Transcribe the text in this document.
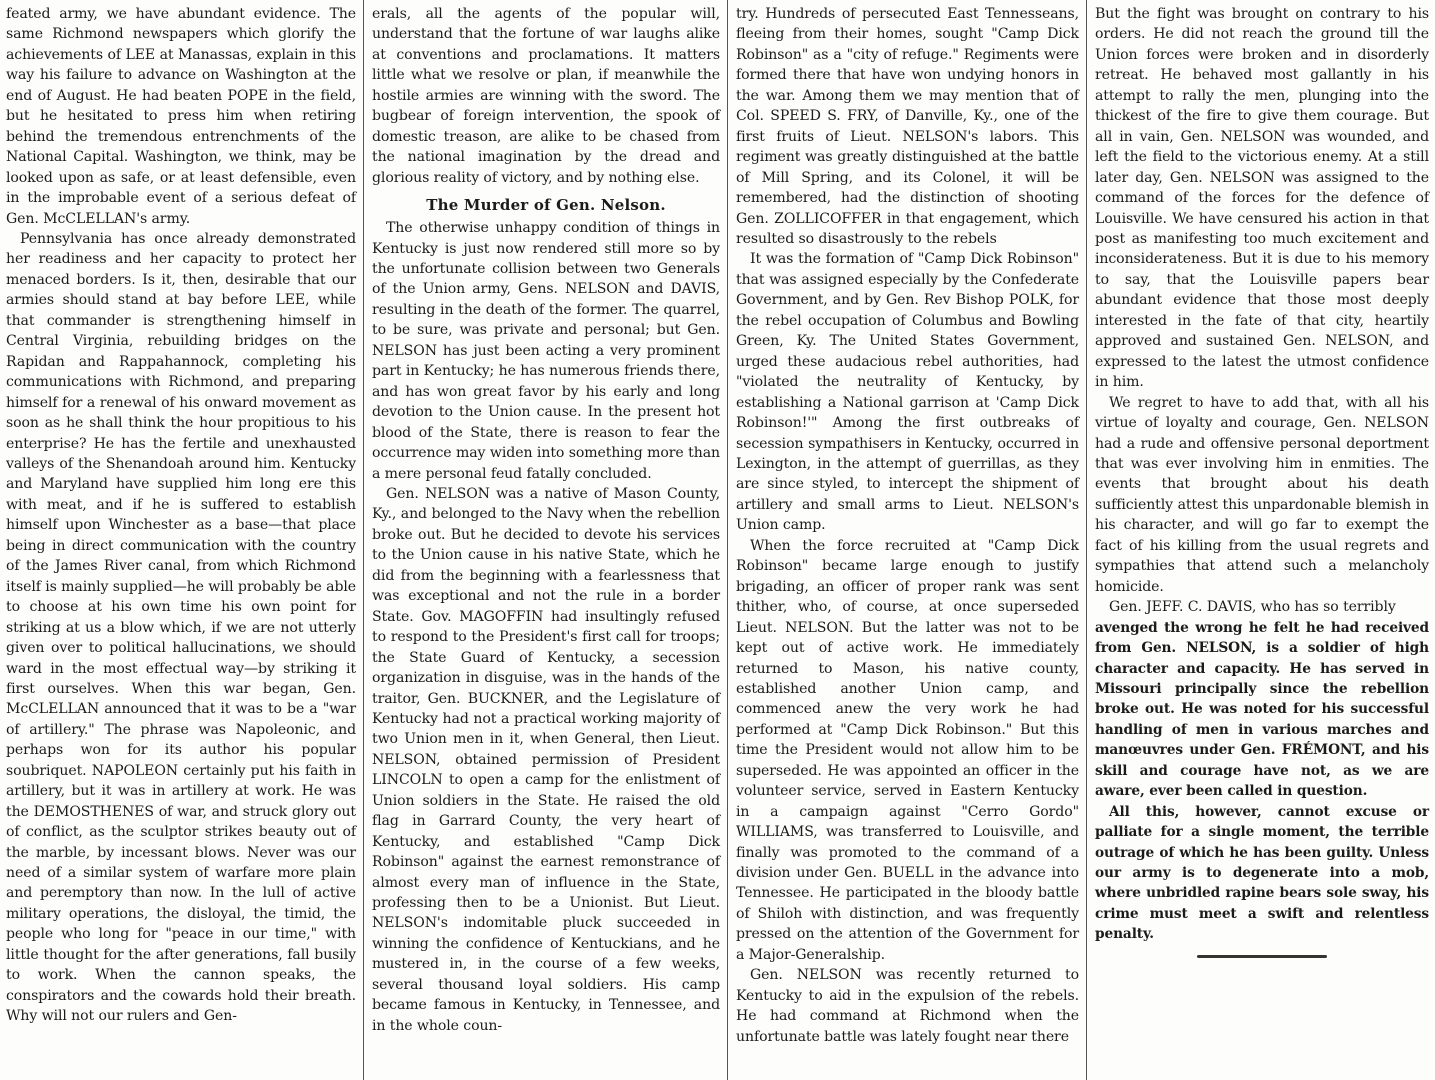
feated army, we have abundant evidence. The same Richmond newspapers which glorify the achievements of LEE at Manassas, explain in this way his failure to advance on Washington at the end of August. He had beaten POPE in the field, but he hesitated to press him when retiring behind the tremendous entrenchments of the National Capital. Washington, we think, may be looked upon as safe, or at least defensible, even in the improbable event of a serious defeat of Gen. McCLELLAN's army.

Pennsylvania has once already demonstrated her readiness and her capacity to protect her menaced borders. Is it, then, desirable that our armies should stand at bay before LEE, while that commander is strengthening himself in Central Virginia, rebuilding bridges on the Rapidan and Rappahannock, completing his communications with Richmond, and preparing himself for a renewal of his onward movement as soon as he shall think the hour propitious to his enterprise? He has the fertile and unexhausted valleys of the Shenandoah around him. Kentucky and Maryland have supplied him long ere this with meat, and if he is suffered to establish himself upon Winchester as a base—that place being in direct communication with the country of the James River canal, from which Richmond itself is mainly supplied—he will probably be able to choose at his own time his own point for striking at us a blow which, if we are not utterly given over to political hallucinations, we should ward in the most effectual way—by striking it first ourselves. When this war began, Gen. McCLELLAN announced that it was to be a "war of artillery." The phrase was Napoleonic, and perhaps won for its author his popular soubriquet. NAPOLEON certainly put his faith in artillery, but it was in artillery at work. He was the DEMOSTHENES of war, and struck glory out of conflict, as the sculptor strikes beauty out of the marble, by incessant blows. Never was our need of a similar system of warfare more plain and peremptory than now. In the lull of active military operations, the disloyal, the timid, the people who long for "peace in our time," with little thought for the after generations, fall busily to work. When the cannon speaks, the conspirators and the cowards hold their breath. Why will not our rulers and Gen-

erals, all the agents of the popular will, understand that the fortune of war laughs alike at conventions and proclamations. It matters little what we resolve or plan, if meanwhile the hostile armies are winning with the sword. The bugbear of foreign intervention, the spook of domestic treason, are alike to be chased from the national imagination by the dread and glorious reality of victory, and by nothing else.

The Murder of Gen. Nelson.

The otherwise unhappy condition of things in Kentucky is just now rendered still more so by the unfortunate collision between two Generals of the Union army, Gens. NELSON and DAVIS, resulting in the death of the former. The quarrel, to be sure, was private and personal; but Gen. NELSON has just been acting a very prominent part in Kentucky; he has numerous friends there, and has won great favor by his early and long devotion to the Union cause. In the present hot blood of the State, there is reason to fear the occurrence may widen into something more than a mere personal feud fatally concluded.

Gen. NELSON was a native of Mason County, Ky., and belonged to the Navy when the rebellion broke out. But he decided to devote his services to the Union cause in his native State, which he did from the beginning with a fearlessness that was exceptional and not the rule in a border State. Gov. MAGOFFIN had insultingly refused to respond to the President's first call for troops; the State Guard of Kentucky, a secession organization in disguise, was in the hands of the traitor, Gen. BUCKNER, and the Legislature of Kentucky had not a practical working majority of two Union men in it, when General, then Lieut. NELSON, obtained permission of President LINCOLN to open a camp for the enlistment of Union soldiers in the State. He raised the old flag in Garrard County, the very heart of Kentucky, and established "Camp Dick Robinson" against the earnest remonstrance of almost every man of influence in the State, professing then to be a Unionist. But Lieut. NELSON's indomitable pluck succeeded in winning the confidence of Kentuckians, and he mustered in, in the course of a few weeks, several thousand loyal soldiers. His camp became famous in Kentucky, in Tennessee, and in the whole coun-

try. Hundreds of persecuted East Tennesseans, fleeing from their homes, sought "Camp Dick Robinson" as a "city of refuge." Regiments were formed there that have won undying honors in the war. Among them we may mention that of Col. SPEED S. FRY, of Danville, Ky., one of the first fruits of Lieut. NELSON's labors. This regiment was greatly distinguished at the battle of Mill Spring, and its Colonel, it will be remembered, had the distinction of shooting Gen. ZOLLICOFFER in that engagement, which resulted so disastrously to the rebels

It was the formation of "Camp Dick Robinson" that was assigned especially by the Confederate Government, and by Gen. Rev Bishop POLK, for the rebel occupation of Columbus and Bowling Green, Ky. The United States Government, urged these audacious rebel authorities, had "violated the neutrality of Kentucky, by establishing a National garrison at 'Camp Dick Robinson!'" Among the first outbreaks of secession sympathisers in Kentucky, occurred in Lexington, in the attempt of guerrillas, as they are since styled, to intercept the shipment of artillery and small arms to Lieut. NELSON's Union camp.

When the force recruited at "Camp Dick Robinson" became large enough to justify brigading, an officer of proper rank was sent thither, who, of course, at once superseded Lieut. NELSON. But the latter was not to be kept out of active work. He immediately returned to Mason, his native county, established another Union camp, and commenced anew the very work he had performed at "Camp Dick Robinson." But this time the President would not allow him to be superseded. He was appointed an officer in the volunteer service, served in Eastern Kentucky in a campaign against "Cerro Gordo" WILLIAMS, was transferred to Louisville, and finally was promoted to the command of a division under Gen. BUELL in the advance into Tennessee. He participated in the bloody battle of Shiloh with distinction, and was frequently pressed on the attention of the Government for a Major-Generalship.

Gen. NELSON was recently returned to Kentucky to aid in the expulsion of the rebels. He had command at Richmond when the unfortunate battle was lately fought near there

But the fight was brought on contrary to his orders. He did not reach the ground till the Union forces were broken and in disorderly retreat. He behaved most gallantly in his attempt to rally the men, plunging into the thickest of the fire to give them courage. But all in vain, Gen. NELSON was wounded, and left the field to the victorious enemy. At a still later day, Gen. NELSON was assigned to the command of the forces for the defence of Louisville. We have censured his action in that post as manifesting too much excitement and inconsiderateness. But it is due to his memory to say, that the Louisville papers bear abundant evidence that those most deeply interested in the fate of that city, heartily approved and sustained Gen. NELSON, and expressed to the latest the utmost confidence in him.

We regret to have to add that, with all his virtue of loyalty and courage, Gen. NELSON had a rude and offensive personal deportment that was ever involving him in enmities. The events that brought about his death sufficiently attest this unpardonable blemish in his character, and will go far to exempt the fact of his killing from the usual regrets and sympathies that attend such a melancholy homicide.

Gen. JEFF. C. DAVIS, who has so terribly

avenged the wrong he felt he had received from Gen. NELSON, is a soldier of high character and capacity. He has served in Missouri principally since the rebellion broke out. He was noted for his successful handling of men in various marches and manœuvres under Gen. FRÉMONT, and his skill and courage have not, as we are aware, ever been called in question.

All this, however, cannot excuse or palliate for a single moment, the terrible outrage of which he has been guilty. Unless our army is to degenerate into a mob, where unbridled rapine bears sole sway, his crime must meet a swift and relentless penalty.
